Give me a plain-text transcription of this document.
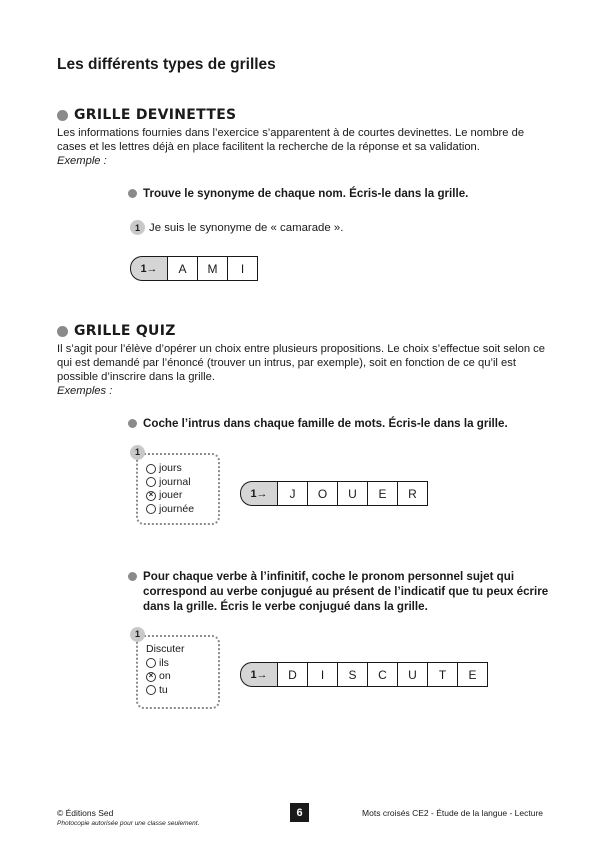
Les différents types de grilles
GRILLE DEVINETTES

Les informations fournies dans l’exercice s’apparentent à de courtes devinettes. Le nombre de cases et les lettres déjà en place facilitent la recherche de la réponse et sa validation.

Exemple :

Trouve le synonyme de chaque nom. Écris-le dans la grille.
1 Je suis le synonyme de « camarade ».
1→	A	M	I
GRILLE QUIZ

Il s’agit pour l’élève d’opérer un choix entre plusieurs propositions. Le choix s’effectue soit selon ce qui est demandé par l’énoncé (trouver un intrus, par exemple), soit en fonction de ce qu’il est possible d’inscrire dans la grille.

Exemples :

Coche l’intrus dans chaque famille de mots. Écris-le dans la grille.
1
jours
journal
×
jouer
journée
1→	J	O	U	E	R
Pour chaque verbe à l’infinitif, coche le pronom personnel sujet qui correspond au verbe conjugué au présent de l’indicatif que tu peux écrire dans la grille. Écris le verbe conjugué dans la grille.
1
Discuter
ils
×
on
tu
1→	D	I	S	C	U	T	E
© Éditions Sed
Photocopie autorisée pour une classe seulement.
6	Mots croisés CE2 - Étude de la langue - Lecture
